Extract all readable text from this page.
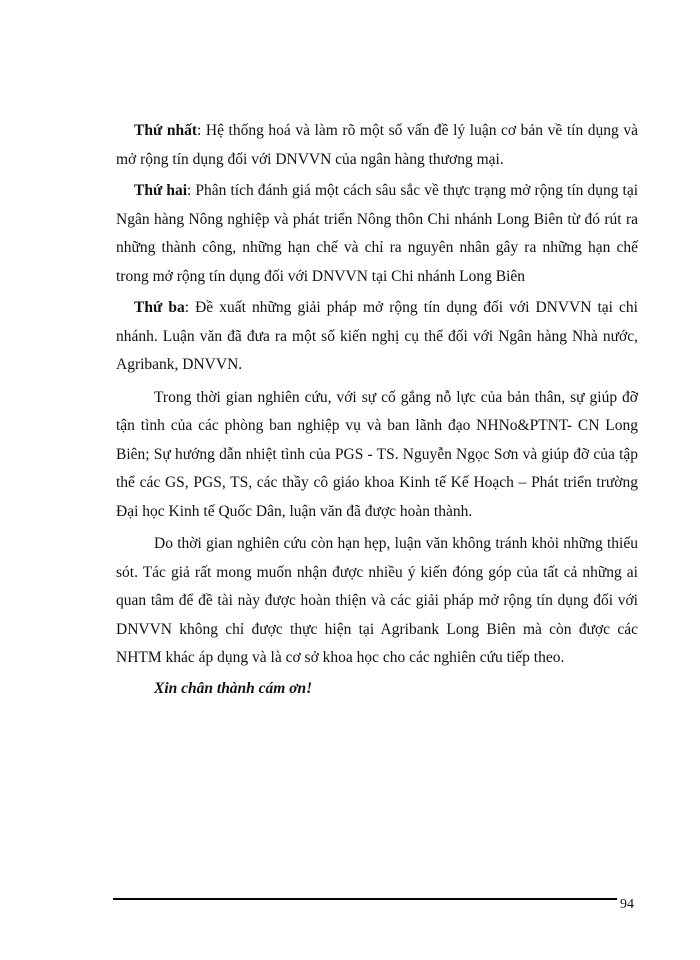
Thứ nhất: Hệ thống hoá và làm rõ một số vấn đề lý luận cơ bản về tín dụng và mở rộng tín dụng đối với DNVVN của ngân hàng thương mại.

Thứ hai: Phân tích đánh giá một cách sâu sắc về thực trạng mở rộng tín dụng tại Ngân hàng Nông nghiệp và phát triển Nông thôn Chi nhánh Long Biên từ đó rút ra những thành công, những hạn chế và chỉ ra nguyên nhân gây ra những hạn chế trong mở rộng tín dụng đối với DNVVN tại Chi nhánh Long Biên

Thứ ba: Đề xuất những giải pháp mở rộng tín dụng đối với DNVVN tại chi nhánh. Luận văn đã đưa ra một số kiến nghị cụ thể đối với Ngân hàng Nhà nước, Agribank, DNVVN.

Trong thời gian nghiên cứu, với sự cố gắng nỗ lực của bản thân, sự giúp đỡ tận tình của các phòng ban nghiệp vụ và ban lãnh đạo NHNo&PTNT- CN Long Biên; Sự hướng dẫn nhiệt tình của PGS - TS. Nguyễn Ngọc Sơn và giúp đỡ của tập thể các GS, PGS, TS, các thầy cô giáo khoa Kinh tế Kế Hoạch – Phát triển trường Đại học Kinh tế Quốc Dân, luận văn đã được hoàn thành.

Do thời gian nghiên cứu còn hạn hẹp, luận văn không tránh khỏi những thiếu sót. Tác giả rất mong muốn nhận được nhiều ý kiến đóng góp của tất cả những ai quan tâm để đề tài này được hoàn thiện và các giải pháp mở rộng tín dụng đối với DNVVN không chỉ được thực hiện tại Agribank Long Biên mà còn được các NHTM khác áp dụng và là cơ sở khoa học cho các nghiên cứu tiếp theo.

Xin chân thành cám ơn!

94
